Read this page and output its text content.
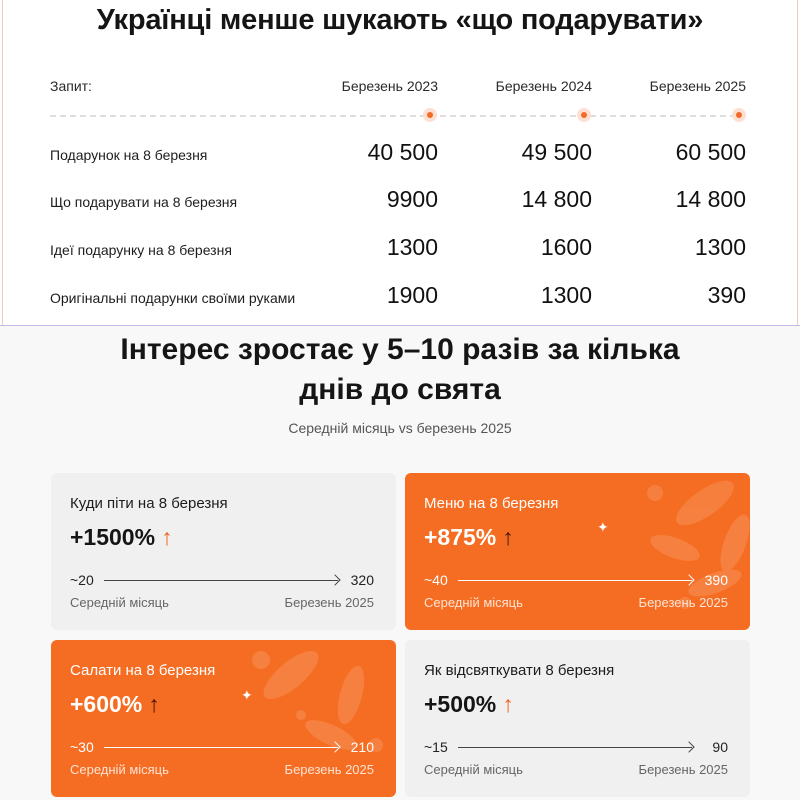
Українці менше шукають «що подарувати»
Запит:	Березень 2023	Березень 2024	Березень 2025
Подарунок на 8 березня	40 500	49 500	60 500
Що подарувати на 8 березня	9900	14 800	14 800
Ідеї подарунку на 8 березня	1300	1600	1300
Оригінальні подарунки своїми руками	1900	1300	390
Інтерес зростає у 5–10 разів за кілька
днів до свята
Середній місяць vs березень 2025
Куди піти на 8 березня
+1500% ↑
~20	320
Середній місяць	Березень 2025
✦
Меню на 8 березня
+875% ↑
~40	390
Середній місяць	Березень 2025
✦
Салати на 8 березня
+600% ↑
~30	210
Середній місяць	Березень 2025
Як відсвяткувати 8 березня
+500% ↑
~15	90
Середній місяць	Березень 2025
